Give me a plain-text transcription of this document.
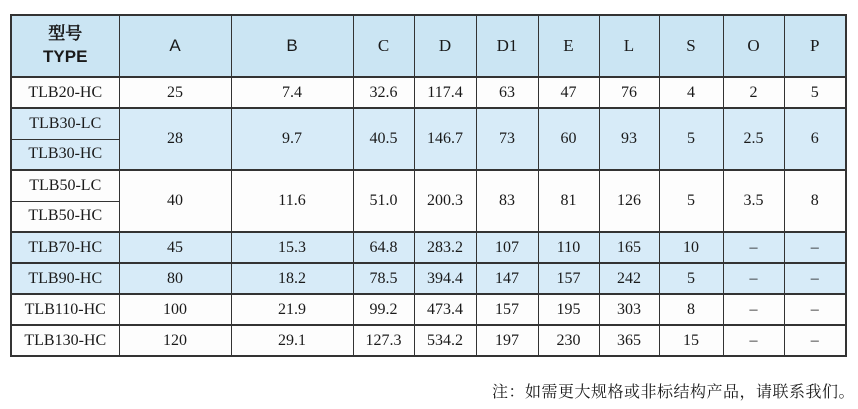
型号
TYPE	A	B	C	D	D1	E	L	S	O	P
TLB20-HC	25	7.4	32.6	117.4	63	47	76	4	2	5
TLB30-LC	28	9.7	40.5	146.7	73	60	93	5	2.5	6
TLB30-HC										
TLB50-LC	40	11.6	51.0	200.3	83	81	126	5	3.5	8
TLB50-HC										
TLB70-HC	45	15.3	64.8	283.2	107	110	165	10	–	–
TLB90-HC	80	18.2	78.5	394.4	147	157	242	5	–	–
TLB110-HC	100	21.9	99.2	473.4	157	195	303	8	–	–
TLB130-HC	120	29.1	127.3	534.2	197	230	365	15	–	–
注：如需更大规格或非标结构产品，请联系我们。
